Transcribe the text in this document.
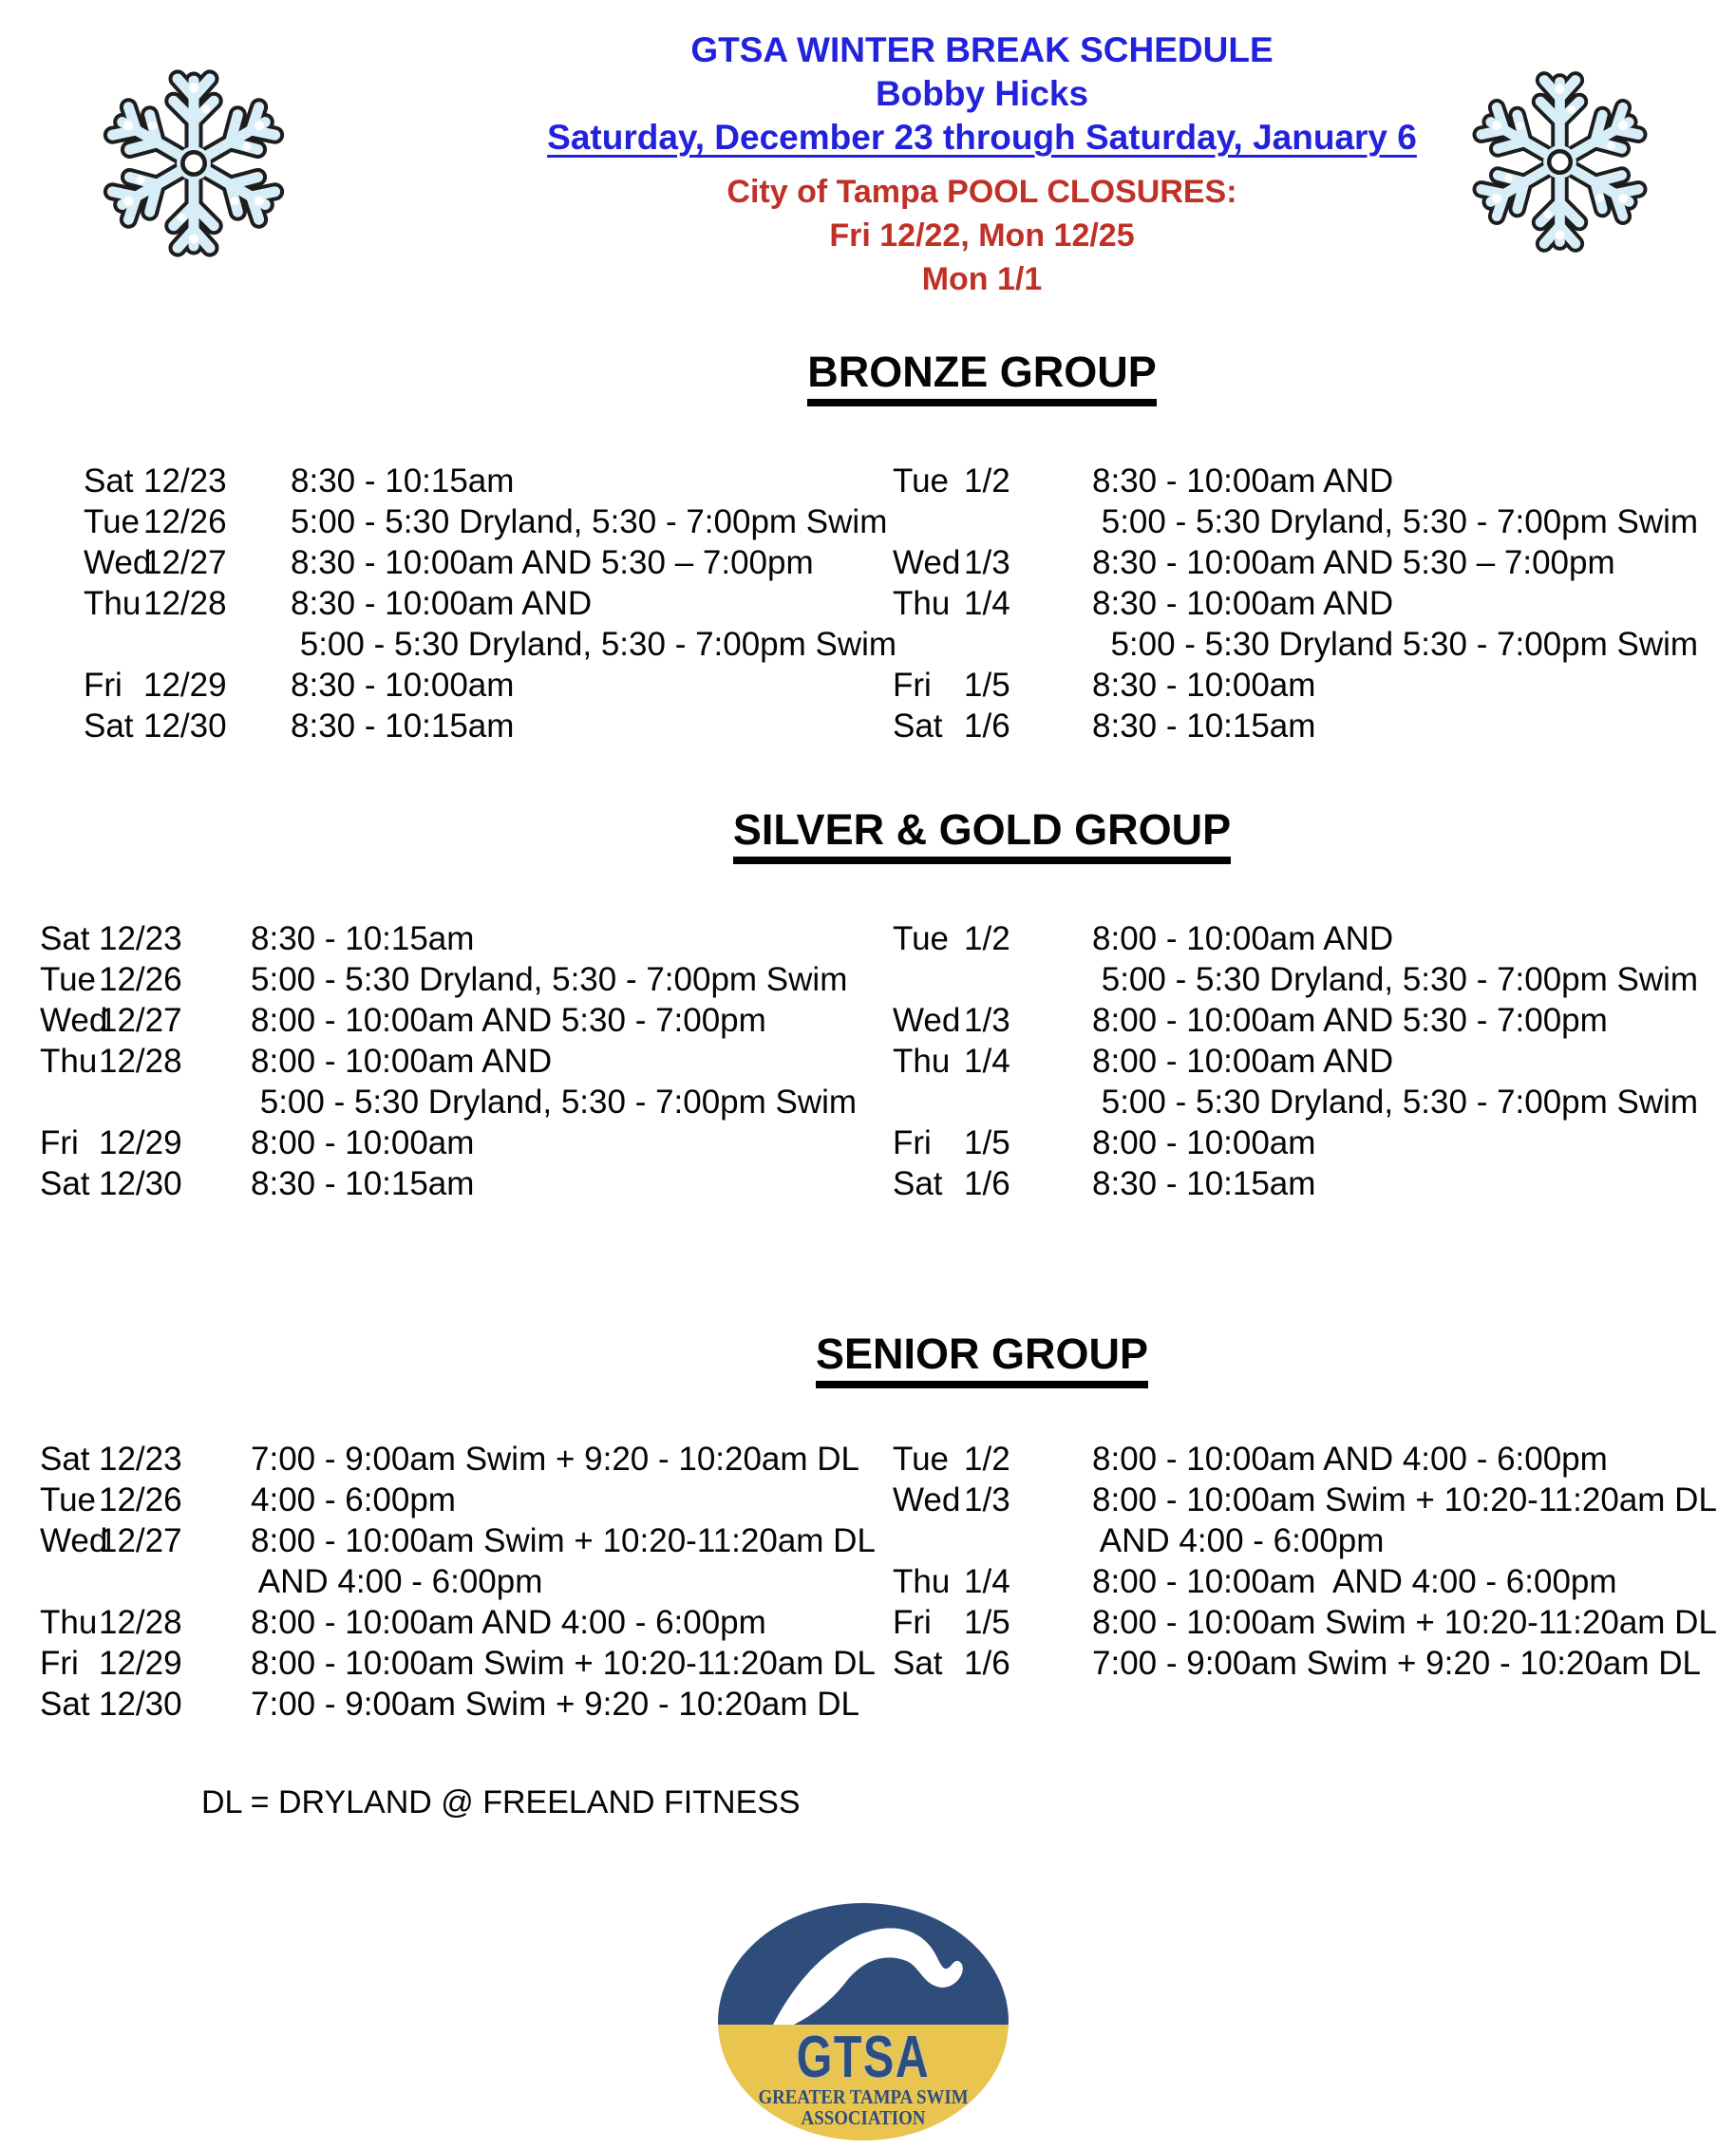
GTSA WINTER BREAK SCHEDULE
Bobby Hicks
Saturday, December 23 through Saturday, January 6
City of Tampa POOL CLOSURES:
Fri 12/22, Mon 12/25
Mon 1/1
BRONZE GROUP
Sat 12/23 8:30 - 10:15am
Tue 12/26 5:00 - 5:30 Dryland, 5:30 - 7:00pm Swim
Wed
12/27 8:30 - 10:00am AND 5:30 – 7:00pm
Thu 12/28 8:30 - 10:00am AND
5:00 - 5:30 Dryland, 5:30 - 7:00pm Swim
Fri 12/29 8:30 - 10:00am
Sat 12/30 8:30 - 10:15am
Tue 1/2 8:30 - 10:00am AND
5:00 - 5:30 Dryland, 5:30 - 7:00pm Swim
Wed 1/3 8:30 - 10:00am AND 5:30 – 7:00pm
Thu 1/4 8:30 - 10:00am AND
5:00 - 5:30 Dryland 5:30 - 7:00pm Swim
Fri 1/5 8:30 - 10:00am
Sat 1/6 8:30 - 10:15am
SILVER & GOLD GROUP
Sat 12/23 8:30 - 10:15am
Tue 12/26 5:00 - 5:30 Dryland, 5:30 - 7:00pm Swim
Wed
12/27 8:00 - 10:00am AND 5:30 - 7:00pm
Thu 12/28 8:00 - 10:00am AND
5:00 - 5:30 Dryland, 5:30 - 7:00pm Swim
Fri 12/29 8:00 - 10:00am
Sat 12/30 8:30 - 10:15am
Tue 1/2 8:00 - 10:00am AND
5:00 - 5:30 Dryland, 5:30 - 7:00pm Swim
Wed 1/3 8:00 - 10:00am AND 5:30 - 7:00pm
Thu 1/4 8:00 - 10:00am AND
5:00 - 5:30 Dryland, 5:30 - 7:00pm Swim
Fri 1/5 8:00 - 10:00am
Sat 1/6 8:30 - 10:15am
SENIOR GROUP
Sat 12/23 7:00 - 9:00am Swim + 9:20 - 10:20am DL
Tue 12/26 4:00 - 6:00pm
Wed
12/27 8:00 - 10:00am Swim + 10:20-11:20am DL
AND 4:00 - 6:00pm
Thu 12/28 8:00 - 10:00am AND 4:00 - 6:00pm
Fri 12/29 8:00 - 10:00am Swim + 10:20-11:20am DL
Sat 12/30 7:00 - 9:00am Swim + 9:20 - 10:20am DL
Tue 1/2 8:00 - 10:00am AND 4:00 - 6:00pm
Wed 1/3 8:00 - 10:00am Swim + 10:20-11:20am DL
AND 4:00 - 6:00pm
Thu 1/4 8:00 - 10:00am  AND 4:00 - 6:00pm
Fri 1/5 8:00 - 10:00am Swim + 10:20-11:20am DL
Sat 1/6 7:00 - 9:00am Swim + 9:20 - 10:20am DL
DL = DRYLAND @ FREELAND FITNESS
GTSA
GREATER TAMPA SWIM
ASSOCIATION
